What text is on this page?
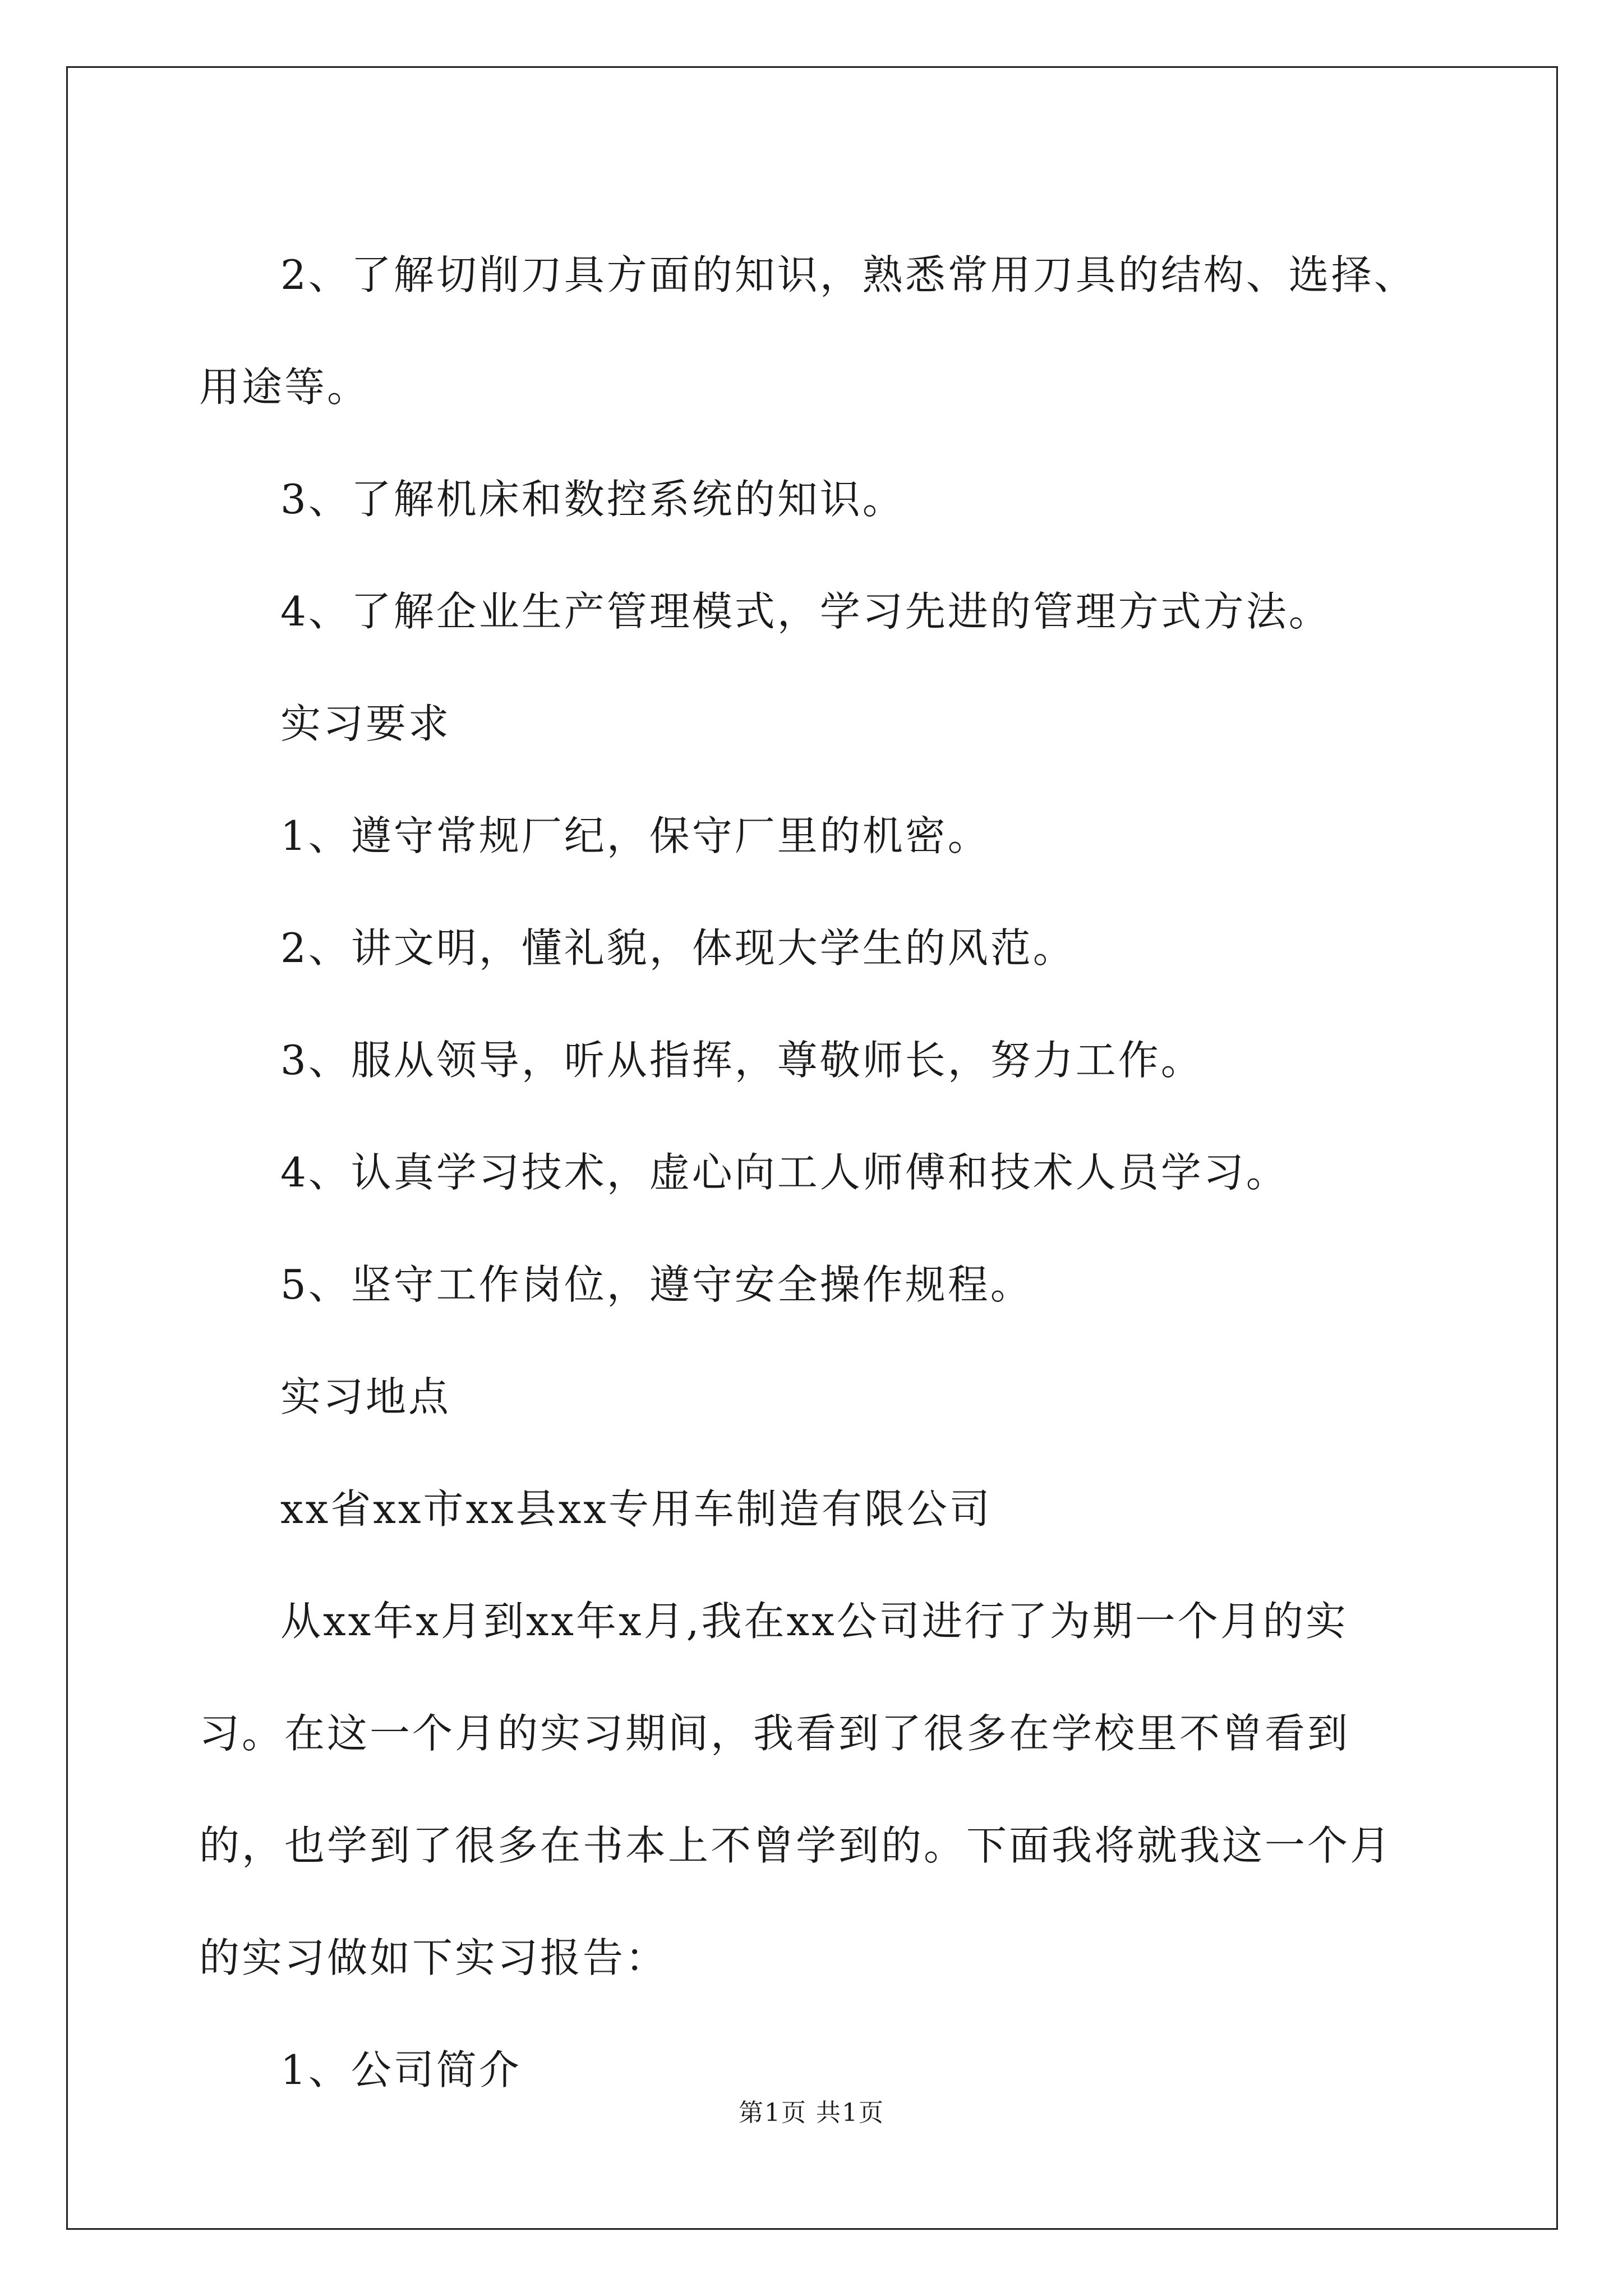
2、了解切削刀具方面的知识，熟悉常用刀具的结构、选择、用途等。

3、了解机床和数控系统的知识。

4、了解企业生产管理模式，学习先进的管理方式方法。

实习要求

1、遵守常规厂纪，保守厂里的机密。

2、讲文明，懂礼貌，体现大学生的风范。

3、服从领导，听从指挥，尊敬师长，努力工作。

4、认真学习技术，虚心向工人师傅和技术人员学习。

5、坚守工作岗位，遵守安全操作规程。

实习地点

xx省xx市xx县xx专用车制造有限公司

从xx年x月到xx年x月,我在xx公司进行了为期一个月的实习。在这一个月的实习期间，我看到了很多在学校里不曾看到的，也学到了很多在书本上不曾学到的。下面我将就我这一个月的实习做如下实习报告：

1、公司简介

第1页 共1页
